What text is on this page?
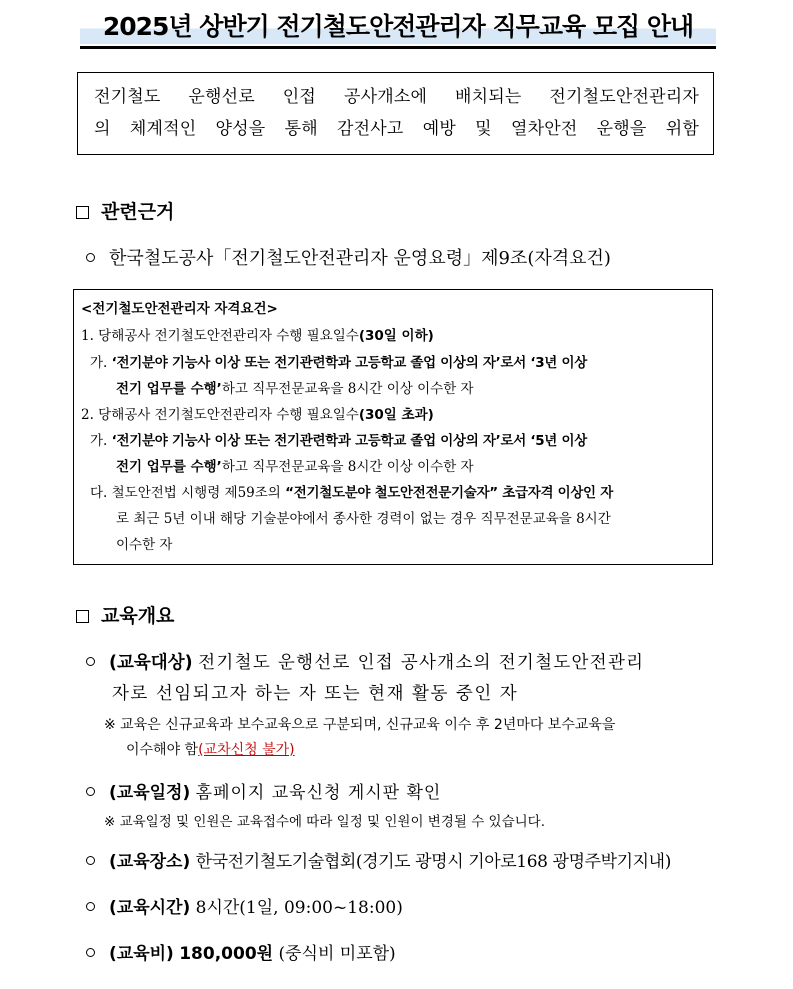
2025년 상반기 전기철도안전관리자 직무교육 모집 안내
전기철도 운행선로 인접 공사개소에 배치되는 전기철도안전관리자
의 체계적인 양성을 통해 감전사고 예방 및 열차안전 운행을 위함
관련근거
한국철도공사「전기철도안전관리자 운영요령」제9조(자격요건)
<전기철도안전관리자 자격요건>
1. 당해공사 전기철도안전관리자 수행 필요일수(30일 이하)
가. ‘전기분야 기능사 이상 또는 전기관련학과 고등학교 졸업 이상의 자’로서 ‘3년 이상
전기 업무를 수행’하고 직무전문교육을 8시간 이상 이수한 자
2. 당해공사 전기철도안전관리자 수행 필요일수(30일 초과)
가. ‘전기분야 기능사 이상 또는 전기관련학과 고등학교 졸업 이상의 자’로서 ‘5년 이상
전기 업무를 수행’하고 직무전문교육을 8시간 이상 이수한 자
다. 철도안전법 시행령 제59조의 “전기철도분야 철도안전전문기술자” 초급자격 이상인 자
로 최근 5년 이내 해당 기술분야에서 종사한 경력이 없는 경우 직무전문교육을 8시간
이수한 자
교육개요
(교육대상) 전기철도 운행선로 인접 공사개소의 전기철도안전관리
자로 선임되고자 하는 자 또는 현재 활동 중인 자
※ 교육은 신규교육과 보수교육으로 구분되며, 신규교육 이수 후 2년마다 보수교육을
이수해야 함(교차신청 불가)
(교육일정) 홈페이지 교육신청 게시판 확인
※ 교육일정 및 인원은 교육접수에 따라 일정 및 인원이 변경될 수 있습니다.
(교육장소) 한국전기철도기술협회(경기도 광명시 기아로168 광명주박기지내)
(교육시간) 8시간(1일, 09:00~18:00)
(교육비) 180,000원 (중식비 미포함)
